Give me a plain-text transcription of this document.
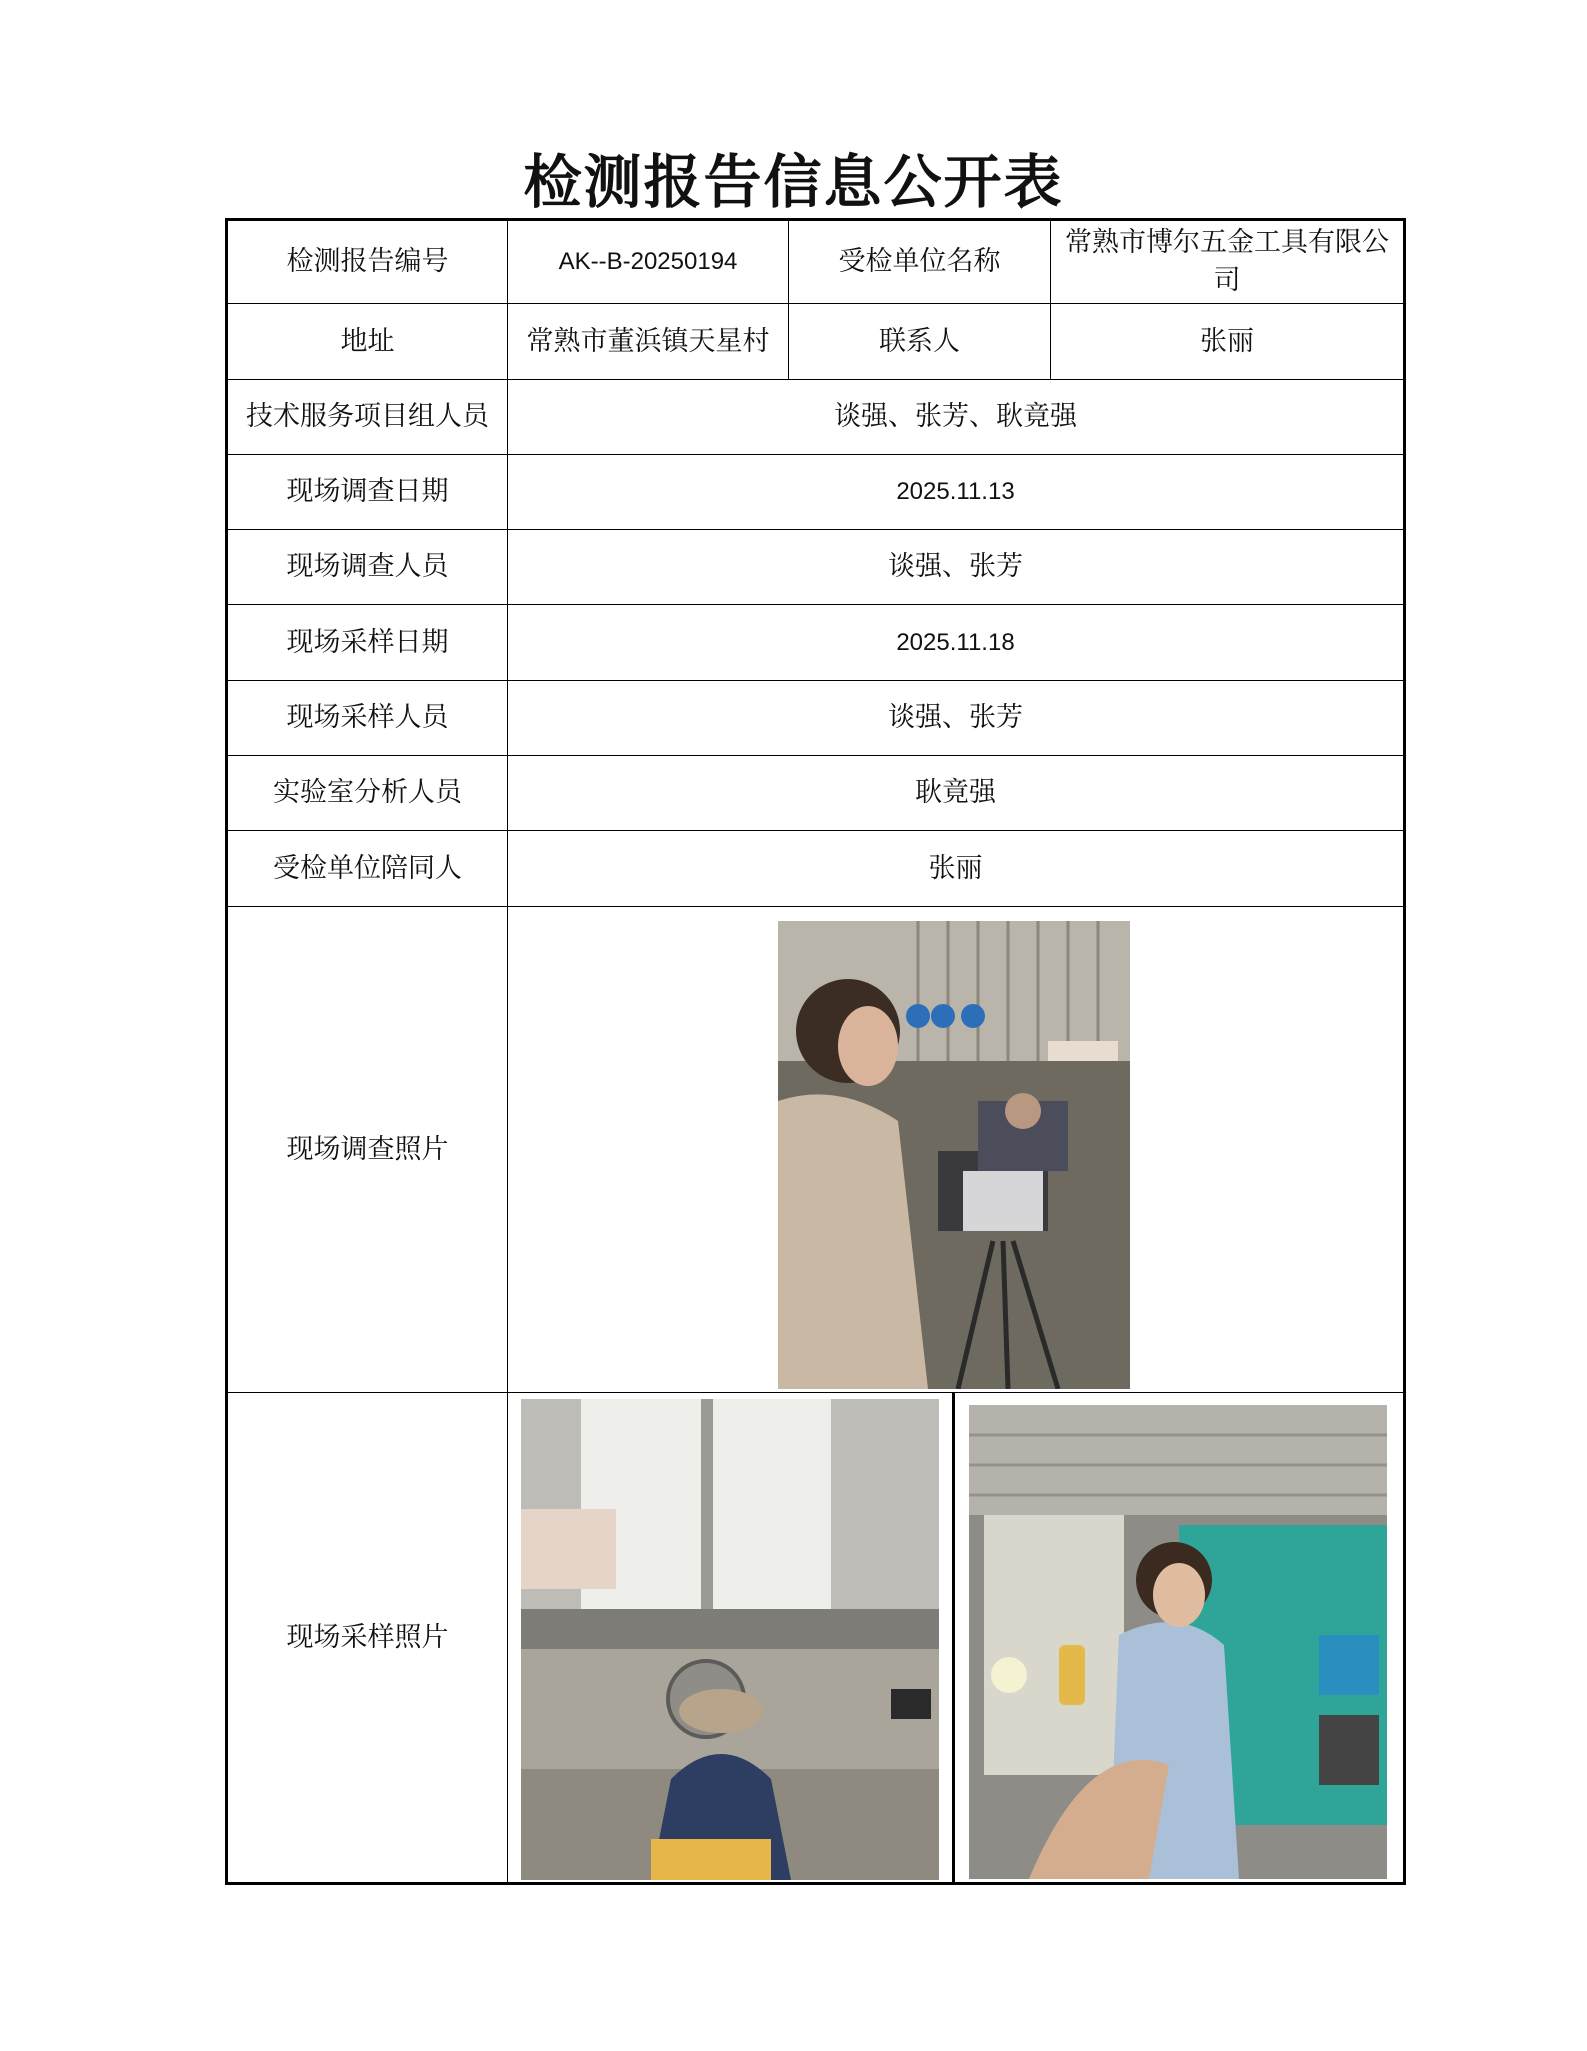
检测报告信息公开表
检测报告编号	AK--B-20250194	受检单位名称	常熟市博尔五金工具有限公司
地址	常熟市董浜镇天星村	联系人	张丽
技术服务项目组人员	谈强、张芳、耿竟强		
现场调查日期	2025.11.13		
现场调查人员	谈强、张芳		
现场采样日期	2025.11.18		
现场采样人员	谈强、张芳		
实验室分析人员	耿竟强		
受检单位陪同人	张丽		
现场调查照片	

现场采样照片	
